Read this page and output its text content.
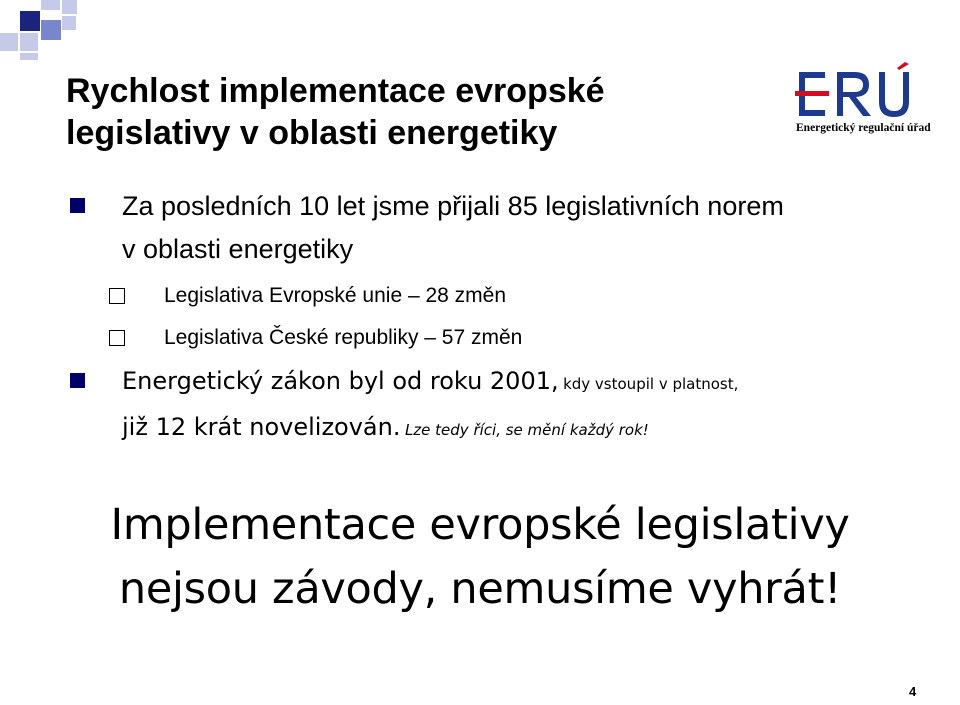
Rychlost implementace evropské
legislativy v oblasti energetiky	Energetický regulační úřad
Za posledních 10 let jsme přijali 85 legislativních norem
v oblasti energetiky
Legislativa Evropské unie – 28 změn
Legislativa České republiky – 57 změn
Energetický zákon byl od roku 2001, kdy vstoupil v platnost,
již 12 krát novelizován. Lze tedy říci, se mění každý rok!
Implementace evropské legislativy
nejsou závody, nemusíme vyhrát!
4
